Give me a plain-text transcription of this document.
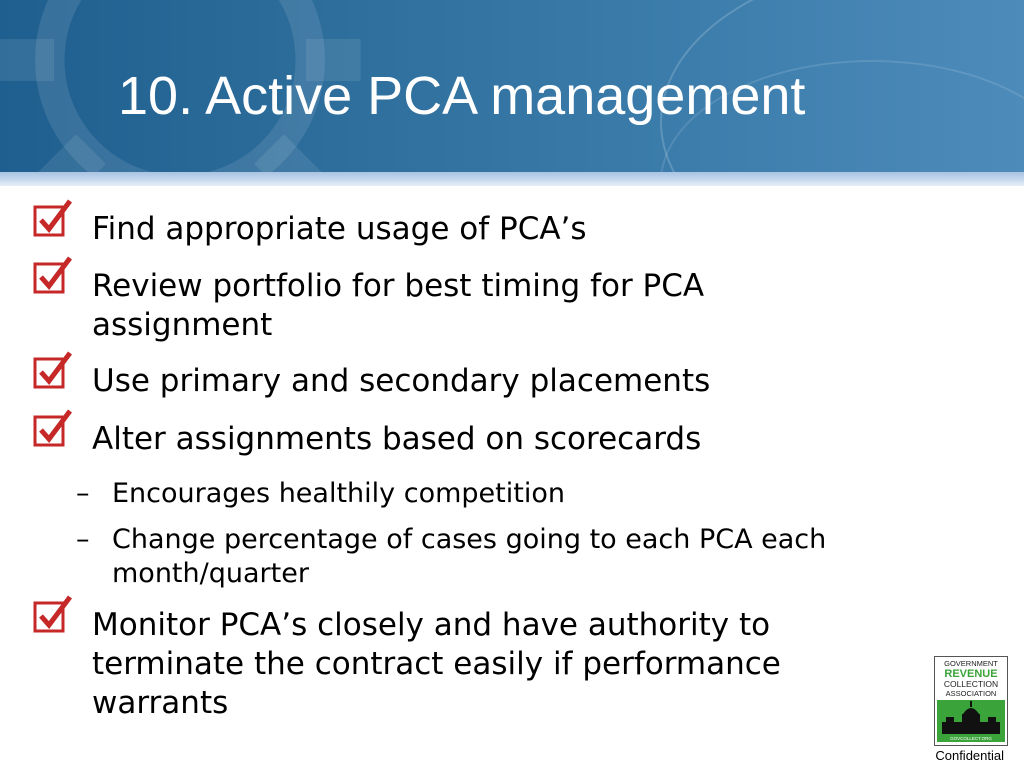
10. Active PCA management

Find appropriate usage of PCA’s

Review portfolio for best timing for PCA assignment

Use primary and secondary placements

Alter assignments based on scorecards

– Encourages healthily competition
– Change percentage of cases going to each PCA each month/quarter

Monitor PCA’s closely and have authority to terminate the contract easily if performance warrants

GOVERNMENT
REVENUE
COLLECTION
ASSOCIATION
GOVCOLLECT.ORG
Confidential
